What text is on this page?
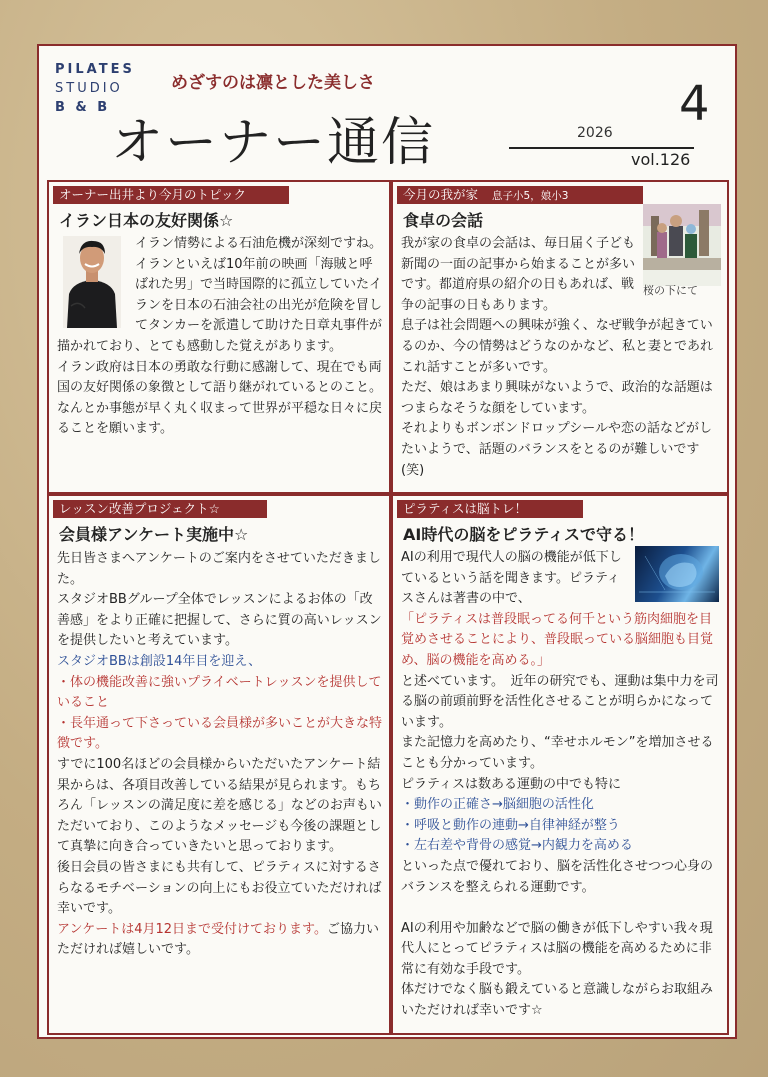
PILATES
STUDIO
B & B
めざすのは凛とした美しさ
オーナー通信	2026
4
vol.126
オーナー出井より今月のトピック
イラン日本の友好関係☆

イラン情勢による石油危機が深刻ですね。イランといえば10年前の映画「海賊と呼ばれた男」で当時国際的に孤立していたイランを日本の石油会社の出光が危険を冒してタンカーを派遣して助けた日章丸事件が描かれており、とても感動した覚えがあります。

イラン政府は日本の勇敢な行動に感謝して、現在でも両国の友好関係の象徴として語り継がれているとのこと。

なんとか事態が早く丸く収まって世界が平穏な日々に戻ることを願います。

今月の我が家 息子小5，娘小3
食卓の会話
桜の下にて

我が家の食卓の会話は、毎日届く子ども新聞の一面の記事から始まることが多いです。都道府県の紹介の日もあれば、戦争の記事の日もあります。

息子は社会問題への興味が強く、なぜ戦争が起きているのか、今の情勢はどうなのかなど、私と妻とであれこれ話すことが多いです。

ただ、娘はあまり興味がないようで、政治的な話題はつまらなそうな顔をしています。

それよりもボンボンドロップシールや恋の話などがしたいようで、話題のバランスをとるのが難しいです(笑)

レッスン改善プロジェクト☆
会員様アンケート実施中☆

先日皆さまへアンケートのご案内をさせていただきました。

スタジオBBグループ全体でレッスンによるお体の「改善感」をより正確に把握して、さらに質の高いレッスンを提供したいと考えています。

スタジオBBは創設14年目を迎え、

・体の機能改善に強いプライベートレッスンを提供していること

・長年通って下さっている会員様が多いことが大きな特徴です。

すでに100名ほどの会員様からいただいたアンケート結果からは、各項目改善している結果が見られます。もちろん「レッスンの満足度に差を感じる」などのお声もいただいており、このようなメッセージも今後の課題として真摯に向き合っていきたいと思っております。

後日会員の皆さまにも共有して、ピラティスに対するさらなるモチベーションの向上にもお役立ていただければ幸いです。

アンケートは4月12日まで受付けております。ご協力いただければ嬉しいです。

ピラティスは脳トレ！
AI時代の脳をピラティスで守る！

AIの利用で現代人の脳の機能が低下しているという話を聞きます。ピラティスさんは著書の中で、

「ピラティスは普段眠ってる何千という筋肉細胞を目覚めさせることにより、普段眠っている脳細胞も目覚め、脳の機能を高める。」

と述べています。　近年の研究でも、運動は集中力を司る脳の前頭前野を活性化させることが明らかになっています。

また記憶力を高めたり、“幸せホルモン”を増加させることも分かっています。

ピラティスは数ある運動の中でも特に

・動作の正確さ→脳細胞の活性化

・呼吸と動作の連動→自律神経が整う

・左右差や背骨の感覚→内観力を高める

といった点で優れており、脳を活性化させつつ心身のバランスを整えられる運動です。

AIの利用や加齢などで脳の働きが低下しやすい我々現代人にとってピラティスは脳の機能を高めるために非常に有効な手段です。

体だけでなく脳も鍛えていると意識しながらお取組みいただければ幸いです☆
